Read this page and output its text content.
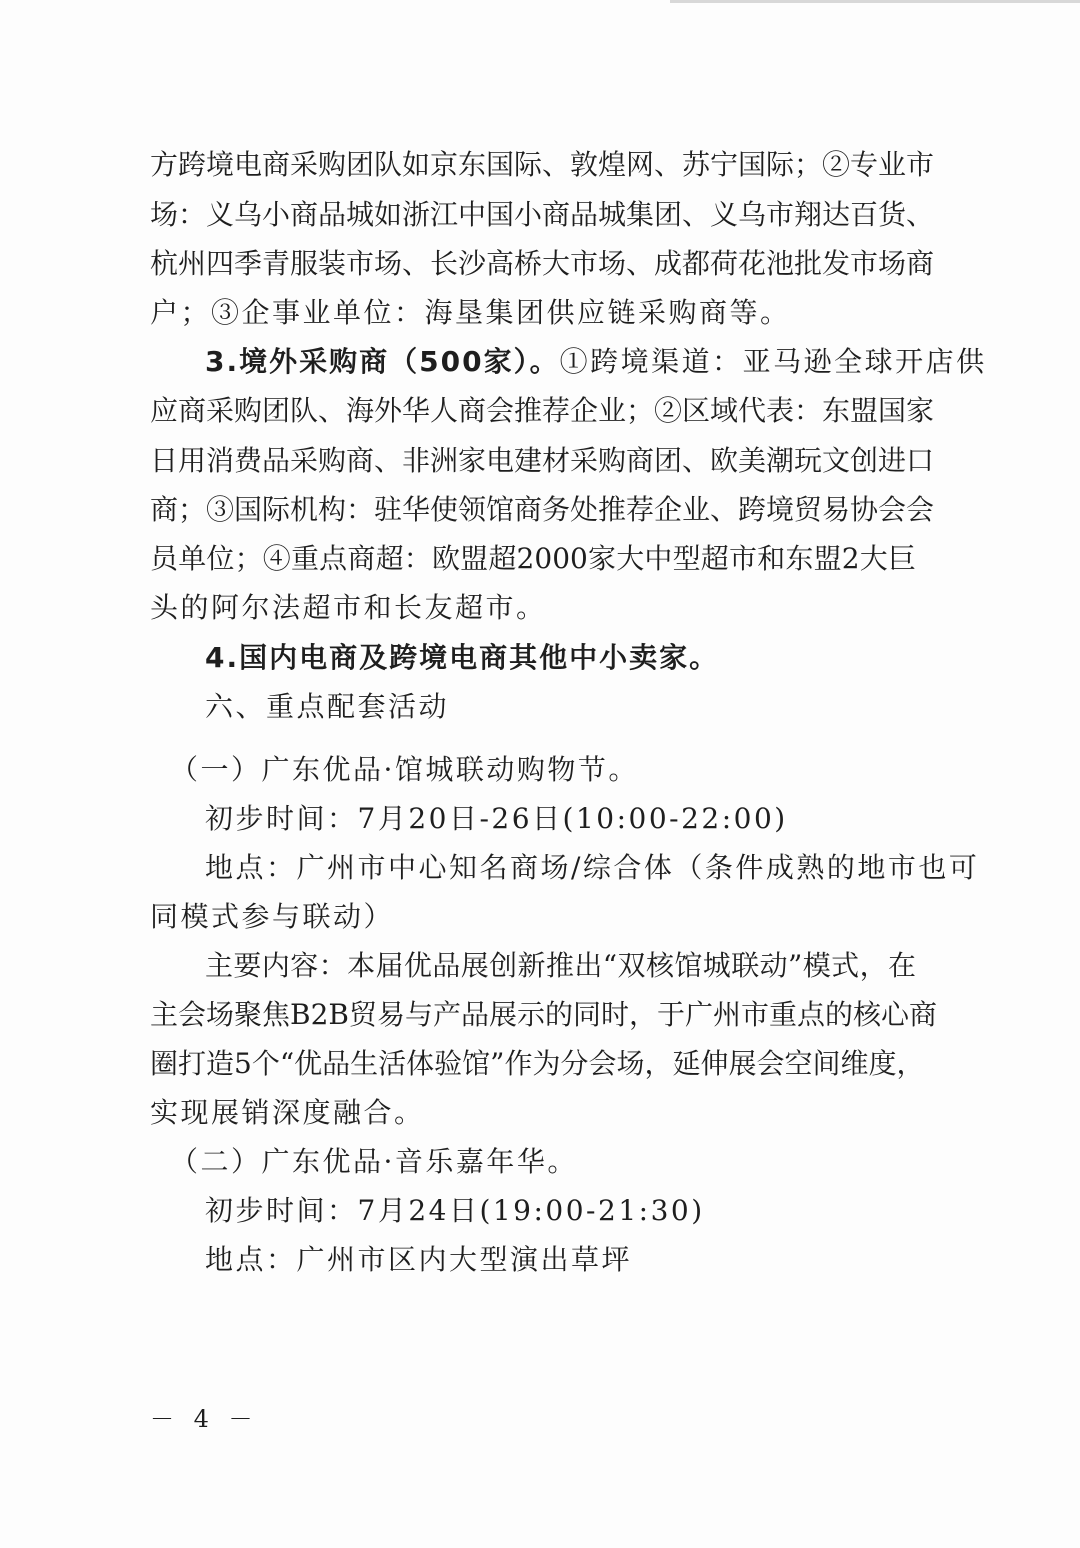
方跨境电商采购团队如京东国际、敦煌网、苏宁国际；②专业市
场：义乌小商品城如浙江中国小商品城集团、义乌市翔达百货、
杭州四季青服装市场、长沙高桥大市场、成都荷花池批发市场商
户；③企事业单位：海垦集团供应链采购商等。
3.境外采购商（500家）。①跨境渠道：亚马逊全球开店供
应商采购团队、海外华人商会推荐企业；②区域代表：东盟国家
日用消费品采购商、非洲家电建材采购商团、欧美潮玩文创进口
商；③国际机构：驻华使领馆商务处推荐企业、跨境贸易协会会
员单位；④重点商超：欧盟超2000家大中型超市和东盟2大巨
头的阿尔法超市和长友超市。
4.国内电商及跨境电商其他中小卖家。
六、重点配套活动
（一）广东优品·馆城联动购物节。
初步时间：7月20日-26日(10:00-22:00)
地点：广州市中心知名商场/综合体（条件成熟的地市也可
同模式参与联动）
主要内容：本届优品展创新推出“双核馆城联动”模式，在
主会场聚焦B2B贸易与产品展示的同时，于广州市重点的核心商
圈打造5个“优品生活体验馆”作为分会场，延伸展会空间维度，
实现展销深度融合。
（二）广东优品·音乐嘉年华。
初步时间：7月24日(19:00-21:30)
地点：广州市区内大型演出草坪
－ 4 －
